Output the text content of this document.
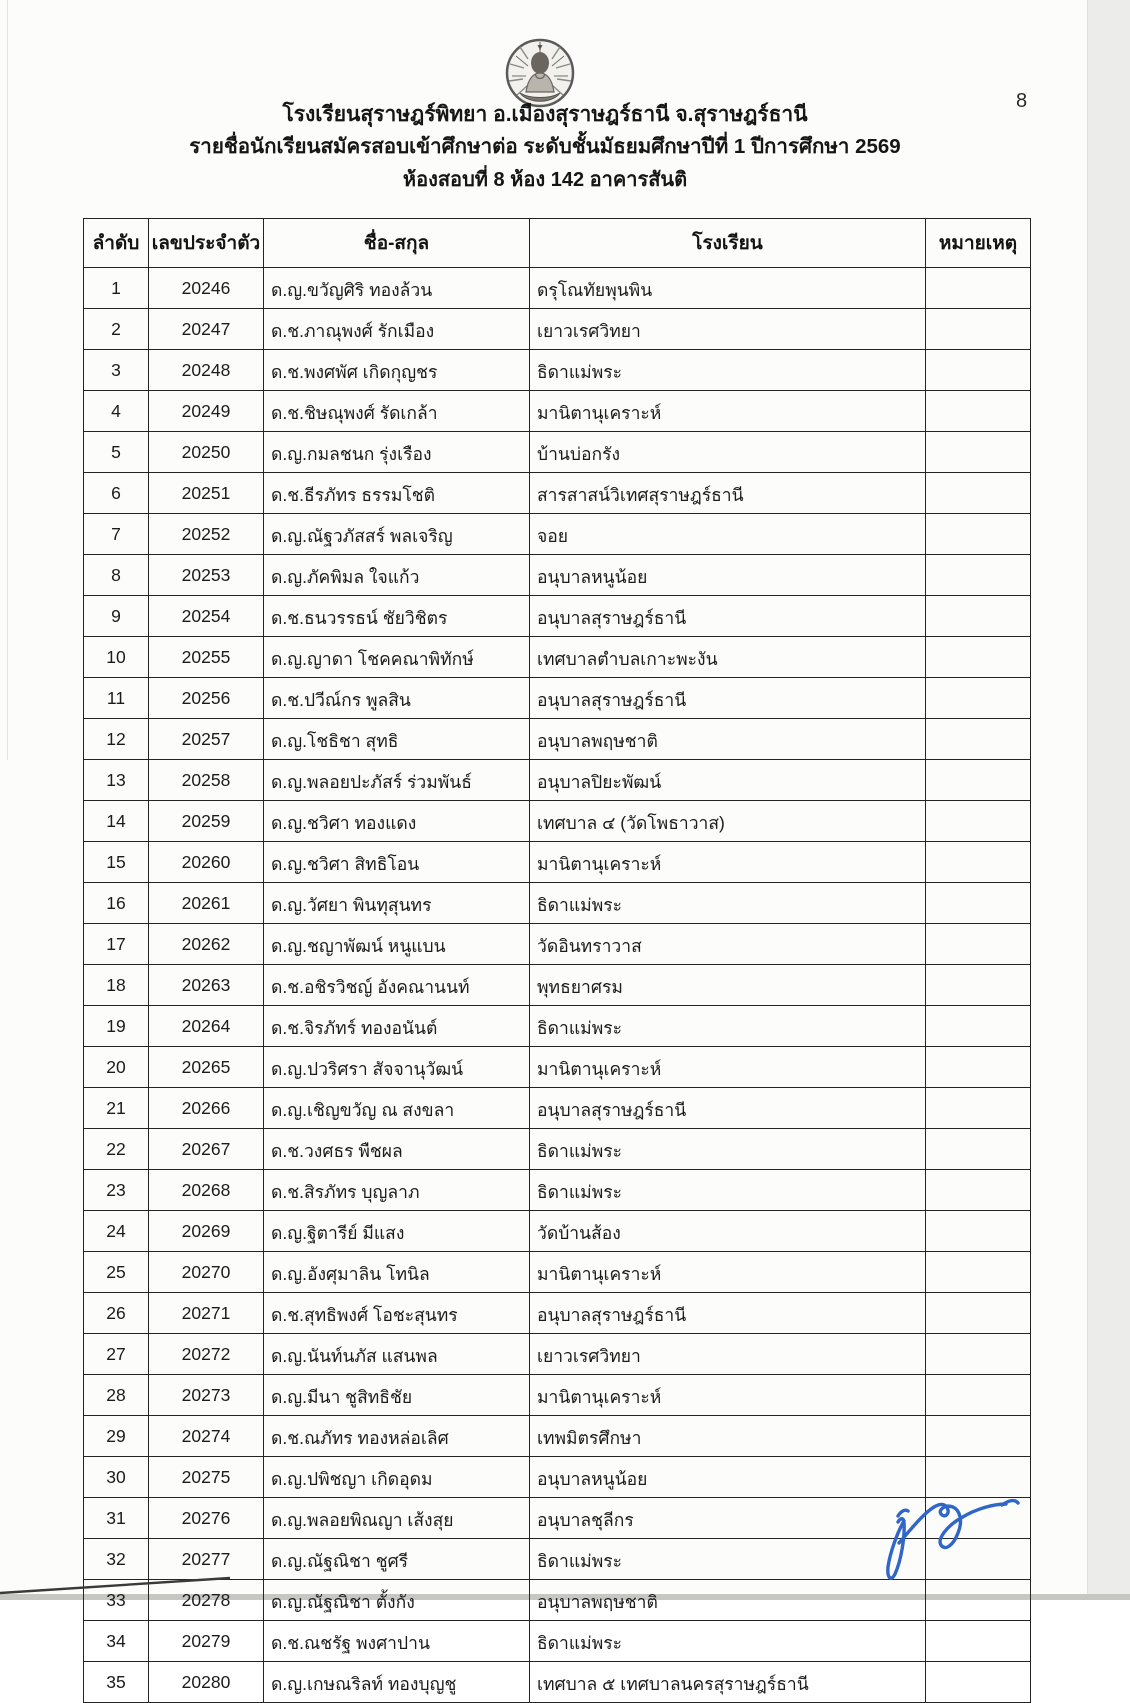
8
โรงเรียนสุราษฎร์พิทยา อ.เมืองสุราษฎร์ธานี จ.สุราษฎร์ธานี
รายชื่อนักเรียนสมัครสอบเข้าศึกษาต่อ ระดับชั้นมัธยมศึกษาปีที่ 1 ปีการศึกษา 2569
ห้องสอบที่ 8 ห้อง 142 อาคารสันติ
ลำดับ	เลขประจำตัว	ชื่อ-สกุล	โรงเรียน	หมายเหตุ
1	20246	ด.ญ.ขวัญศิริ ทองล้วน	ดรุโณทัยพุนพิน	
2	20247	ด.ช.ภาณุพงศ์ รักเมือง	เยาวเรศวิทยา	
3	20248	ด.ช.พงศพัศ เกิดกุญชร	ธิดาแม่พระ	
4	20249	ด.ช.ชิษณุพงศ์ รัดเกล้า	มานิตานุเคราะห์	
5	20250	ด.ญ.กมลชนก รุ่งเรือง	บ้านบ่อกรัง	
6	20251	ด.ช.ธีรภัทร ธรรมโชติ	สารสาสน์วิเทศสุราษฎร์ธานี	
7	20252	ด.ญ.ณัฐวภัสสร์ พลเจริญ	จอย	
8	20253	ด.ญ.ภัคพิมล ใจแก้ว	อนุบาลหนูน้อย	
9	20254	ด.ช.ธนวรรธน์ ชัยวิชิตร	อนุบาลสุราษฎร์ธานี	
10	20255	ด.ญ.ญาดา โชคคณาพิทักษ์	เทศบาลตำบลเกาะพะงัน	
11	20256	ด.ช.ปวีณ์กร พูลสิน	อนุบาลสุราษฎร์ธานี	
12	20257	ด.ญ.โชธิชา สุทธิ	อนุบาลพฤษชาติ	
13	20258	ด.ญ.พลอยปะภัสร์ ร่วมพันธ์	อนุบาลปิยะพัฒน์	
14	20259	ด.ญ.ชวิศา ทองแดง	เทศบาล ๔ (วัดโพธาวาส)	
15	20260	ด.ญ.ชวิศา สิทธิโอน	มานิตานุเคราะห์	
16	20261	ด.ญ.วัศยา พินทุสุนทร	ธิดาแม่พระ	
17	20262	ด.ญ.ชญาพัฒน์ หนูแบน	วัดอินทราวาส	
18	20263	ด.ช.อชิรวิชญ์ อังคณานนท์	พุทธยาศรม	
19	20264	ด.ช.จิรภัทร์ ทองอนันต์	ธิดาแม่พระ	
20	20265	ด.ญ.ปวริศรา สัจจานุวัฒน์	มานิตานุเคราะห์	
21	20266	ด.ญ.เชิญขวัญ ณ สงขลา	อนุบาลสุราษฎร์ธานี	
22	20267	ด.ช.วงศธร พืชผล	ธิดาแม่พระ	
23	20268	ด.ช.สิรภัทร บุญลาภ	ธิดาแม่พระ	
24	20269	ด.ญ.ฐิตารีย์ มีแสง	วัดบ้านส้อง	
25	20270	ด.ญ.อังศุมาลิน โทนิล	มานิตานุเคราะห์	
26	20271	ด.ช.สุทธิพงศ์ โอชะสุนทร	อนุบาลสุราษฎร์ธานี	
27	20272	ด.ญ.นันท์นภัส แสนพล	เยาวเรศวิทยา	
28	20273	ด.ญ.มีนา ชูสิทธิชัย	มานิตานุเคราะห์	
29	20274	ด.ช.ณภัทร ทองหล่อเลิศ	เทพมิตรศึกษา	
30	20275	ด.ญ.ปพิชญา เกิดอุดม	อนุบาลหนูน้อย	
31	20276	ด.ญ.พลอยพิณญา เส้งสุย	อนุบาลชุลีกร	
32	20277	ด.ญ.ณัฐณิชา ชูศรี	ธิดาแม่พระ	
33	20278	ด.ญ.ณัฐณิชา ตั้งกัง	อนุบาลพฤษชาติ	
34	20279	ด.ช.ณชรัฐ พงศาปาน	ธิดาแม่พระ	
35	20280	ด.ญ.เกษณริลท์ ทองบุญชู	เทศบาล ๕ เทศบาลนครสุราษฎร์ธานี	
